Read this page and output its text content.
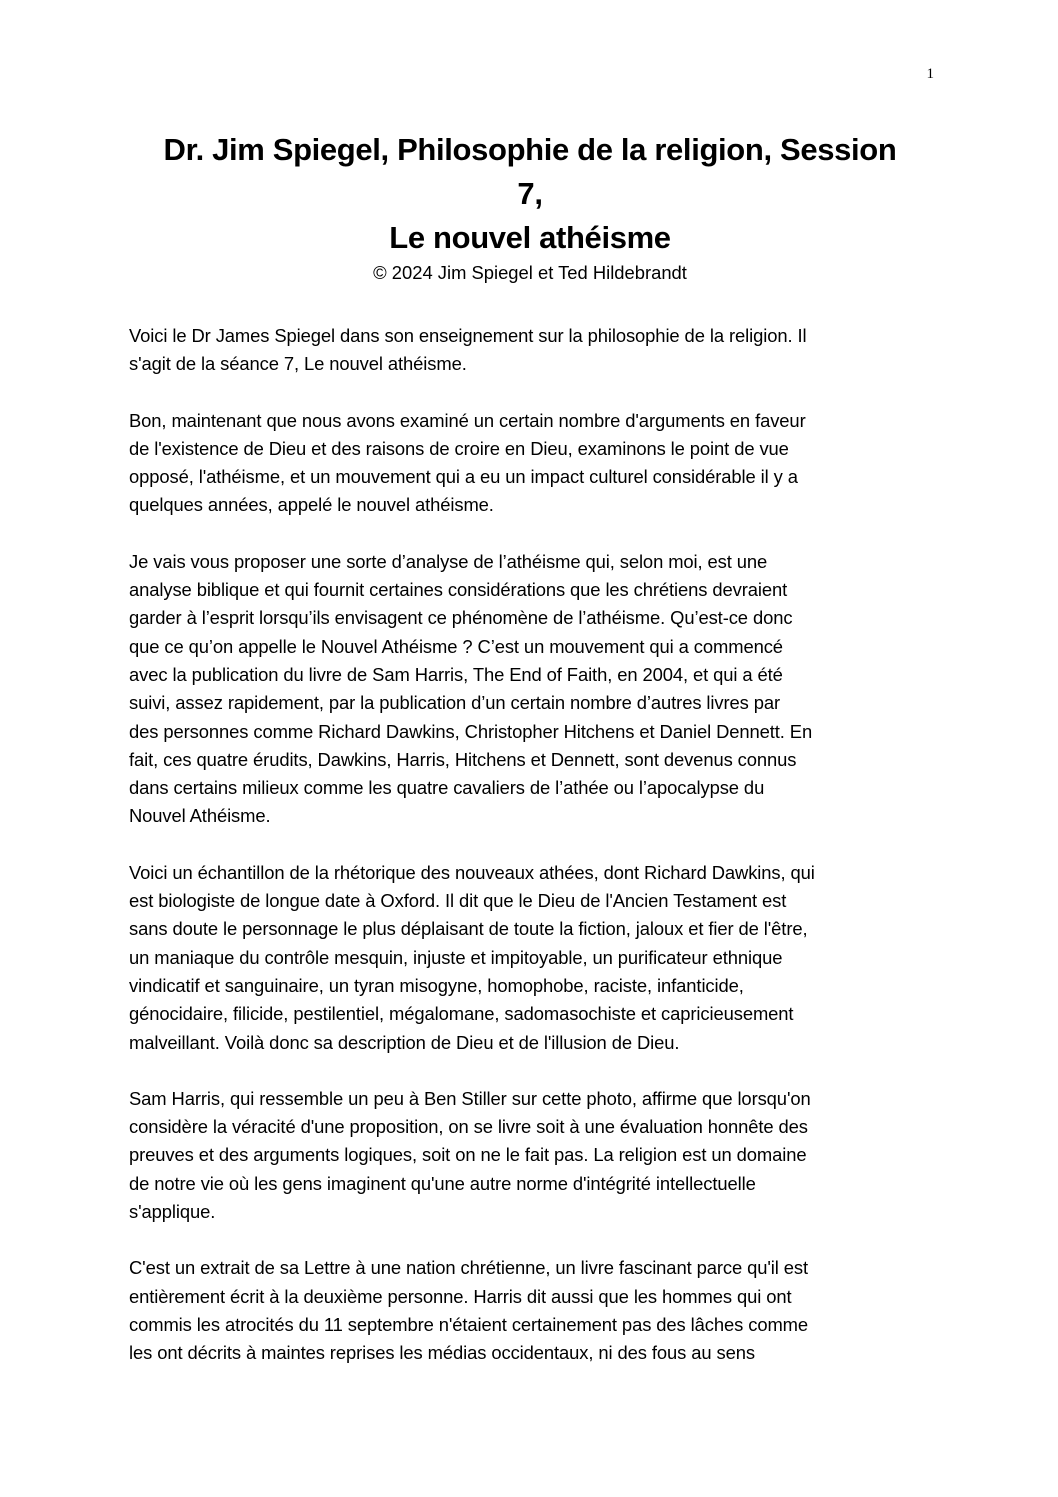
1
Dr. Jim Spiegel, Philosophie de la religion, Session
7,
Le nouvel athéisme
© 2024 Jim Spiegel et Ted Hildebrandt

Voici le Dr James Spiegel dans son enseignement sur la philosophie de la religion. Il
s'agit de la séance 7, Le nouvel athéisme.

Bon, maintenant que nous avons examiné un certain nombre d'arguments en faveur
de l'existence de Dieu et des raisons de croire en Dieu, examinons le point de vue
opposé, l'athéisme, et un mouvement qui a eu un impact culturel considérable il y a
quelques années, appelé le nouvel athéisme.

Je vais vous proposer une sorte d’analyse de l’athéisme qui, selon moi, est une
analyse biblique et qui fournit certaines considérations que les chrétiens devraient
garder à l’esprit lorsqu’ils envisagent ce phénomène de l’athéisme. Qu’est-ce donc
que ce qu’on appelle le Nouvel Athéisme ? C’est un mouvement qui a commencé
avec la publication du livre de Sam Harris, The End of Faith, en 2004, et qui a été
suivi, assez rapidement, par la publication d’un certain nombre d’autres livres par
des personnes comme Richard Dawkins, Christopher Hitchens et Daniel Dennett. En
fait, ces quatre érudits, Dawkins, Harris, Hitchens et Dennett, sont devenus connus
dans certains milieux comme les quatre cavaliers de l’athée ou l’apocalypse du
Nouvel Athéisme.

Voici un échantillon de la rhétorique des nouveaux athées, dont Richard Dawkins, qui
est biologiste de longue date à Oxford. Il dit que le Dieu de l'Ancien Testament est
sans doute le personnage le plus déplaisant de toute la fiction, jaloux et fier de l'être,
un maniaque du contrôle mesquin, injuste et impitoyable, un purificateur ethnique
vindicatif et sanguinaire, un tyran misogyne, homophobe, raciste, infanticide,
génocidaire, filicide, pestilentiel, mégalomane, sadomasochiste et capricieusement
malveillant. Voilà donc sa description de Dieu et de l'illusion de Dieu.

Sam Harris, qui ressemble un peu à Ben Stiller sur cette photo, affirme que lorsqu'on
considère la véracité d'une proposition, on se livre soit à une évaluation honnête des
preuves et des arguments logiques, soit on ne le fait pas. La religion est un domaine
de notre vie où les gens imaginent qu'une autre norme d'intégrité intellectuelle
s'applique.

C'est un extrait de sa Lettre à une nation chrétienne, un livre fascinant parce qu'il est
entièrement écrit à la deuxième personne. Harris dit aussi que les hommes qui ont
commis les atrocités du 11 septembre n'étaient certainement pas des lâches comme
les ont décrits à maintes reprises les médias occidentaux, ni des fous au sens
